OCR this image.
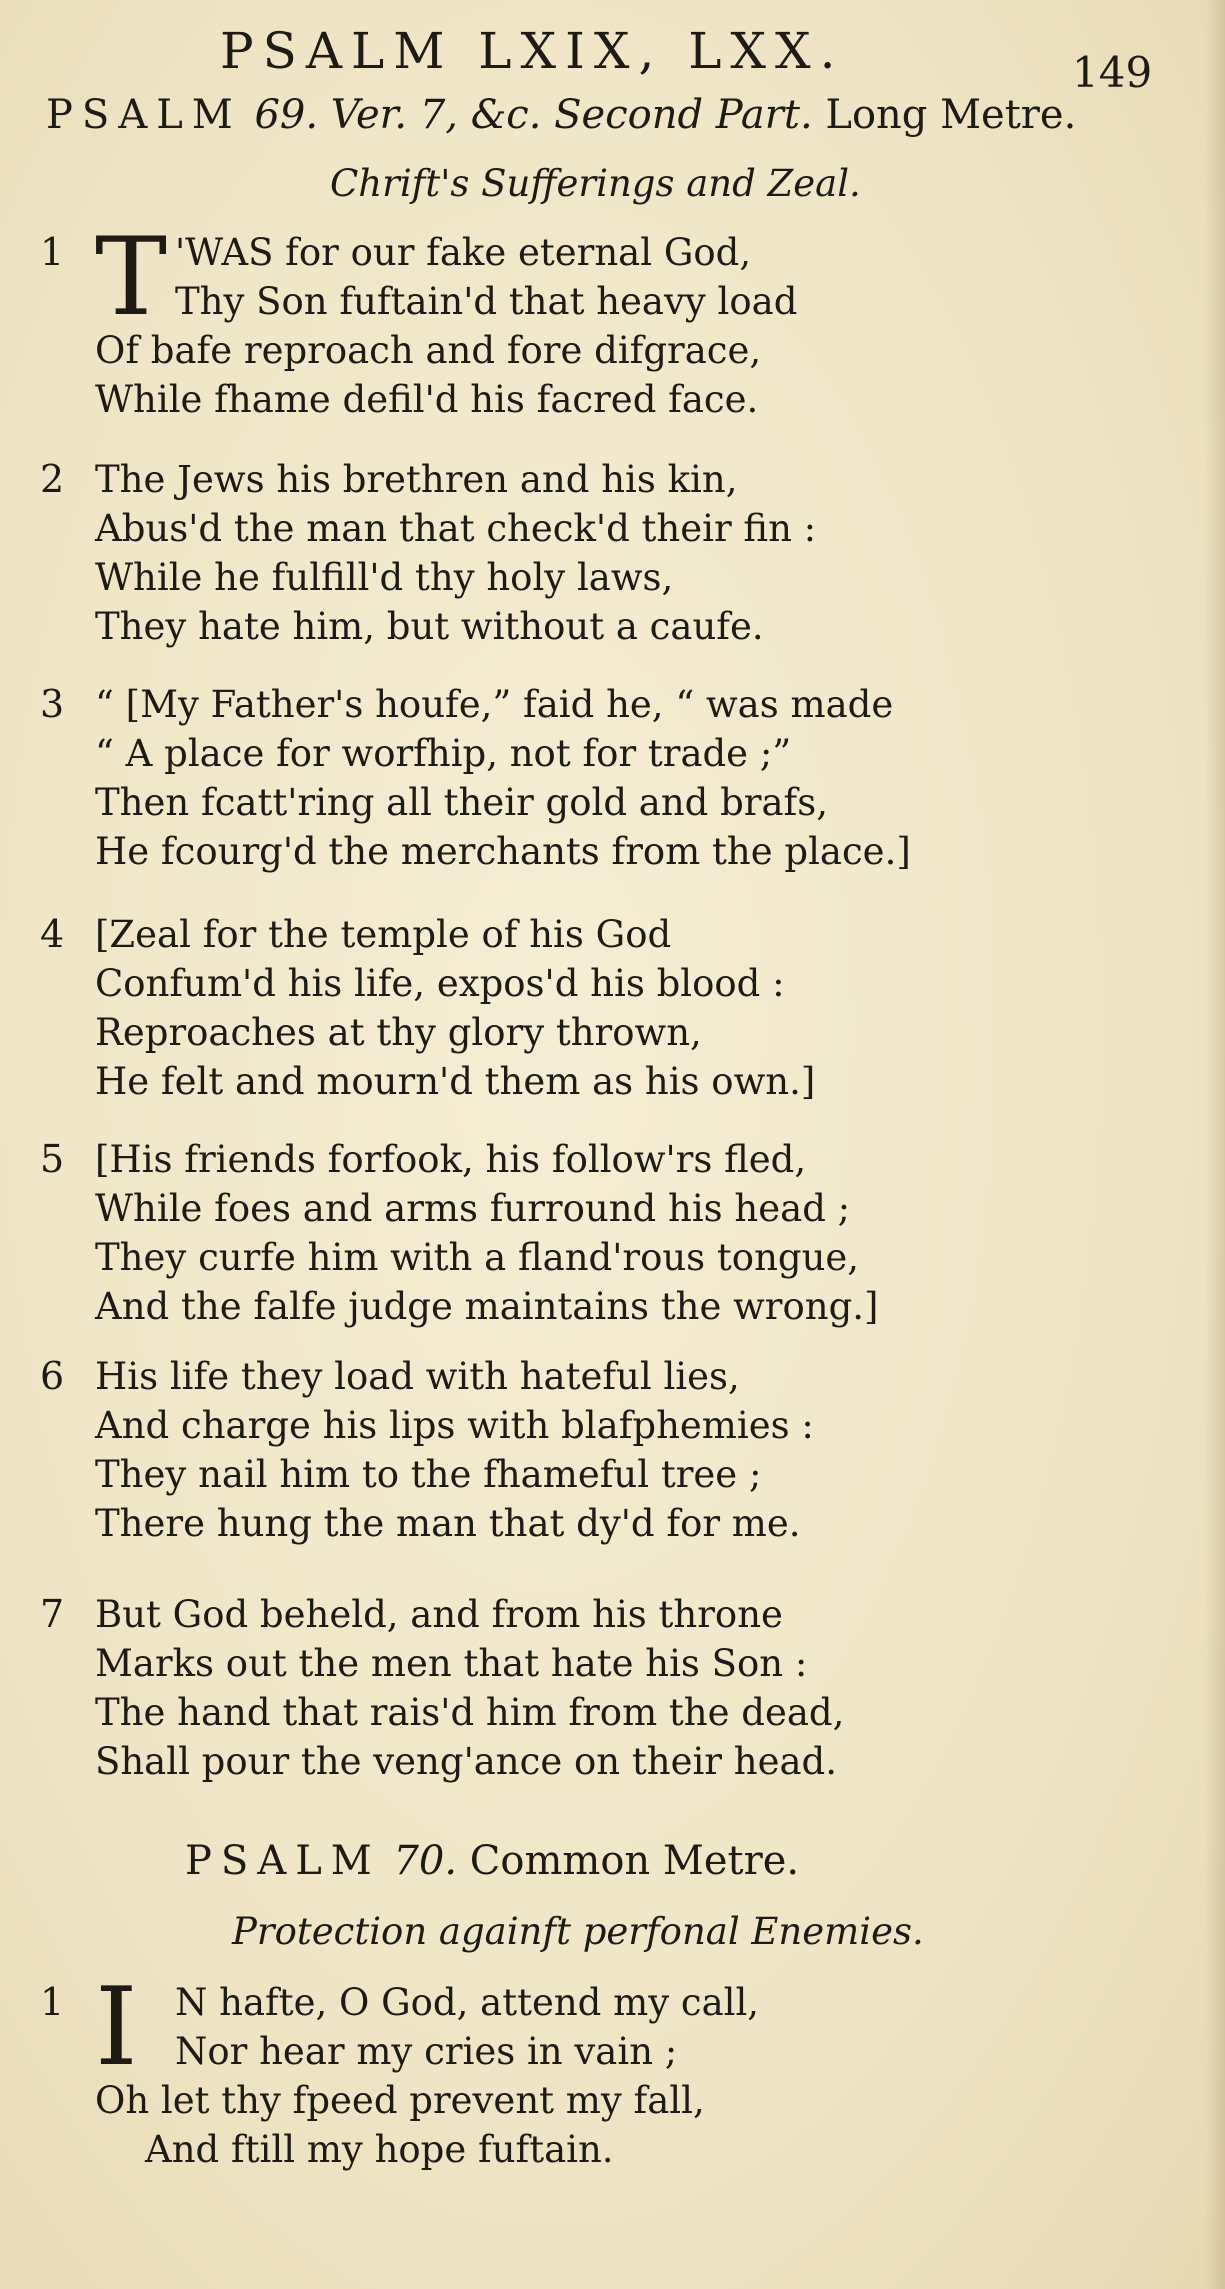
PSALM LXIX, LXX.	149
PSALM 69. Ver. 7, &c. Second Part. Long Metre.
Chrift's Sufferings and Zeal.
1 T 'WAS for our fake eternal God,
Thy Son fuftain'd that heavy load
Of bafe reproach and fore difgrace,
While fhame defil'd his facred face.
2 The Jews his brethren and his kin,
Abus'd the man that check'd their fin :
While he fulfill'd thy holy laws,
They hate him, but without a caufe.
3 “ [My Father's houfe,” faid he, “ was made
“ A place for worfhip, not for trade ;”
Then fcatt'ring all their gold and brafs,
He fcourg'd the merchants from the place.]
4 [Zeal for the temple of his God
Confum'd his life, expos'd his blood :
Reproaches at thy glory thrown,
He felt and mourn'd them as his own.]
5 [His friends forfook, his follow'rs fled,
While foes and arms furround his head ;
They curfe him with a fland'rous tongue,
And the falfe judge maintains the wrong.]
6 His life they load with hateful lies,
And charge his lips with blafphemies :
They nail him to the fhameful tree ;
There hung the man that dy'd for me.
7 But God beheld, and from his throne
Marks out the men that hate his Son :
The hand that rais'd him from the dead,
Shall pour the veng'ance on their head.
PSALM 70. Common Metre.
Protection againft perfonal Enemies.
1 I	N hafte, O God, attend my call,
Nor hear my cries in vain ;
Oh let thy fpeed prevent my fall,
And ftill my hope fuftain.
